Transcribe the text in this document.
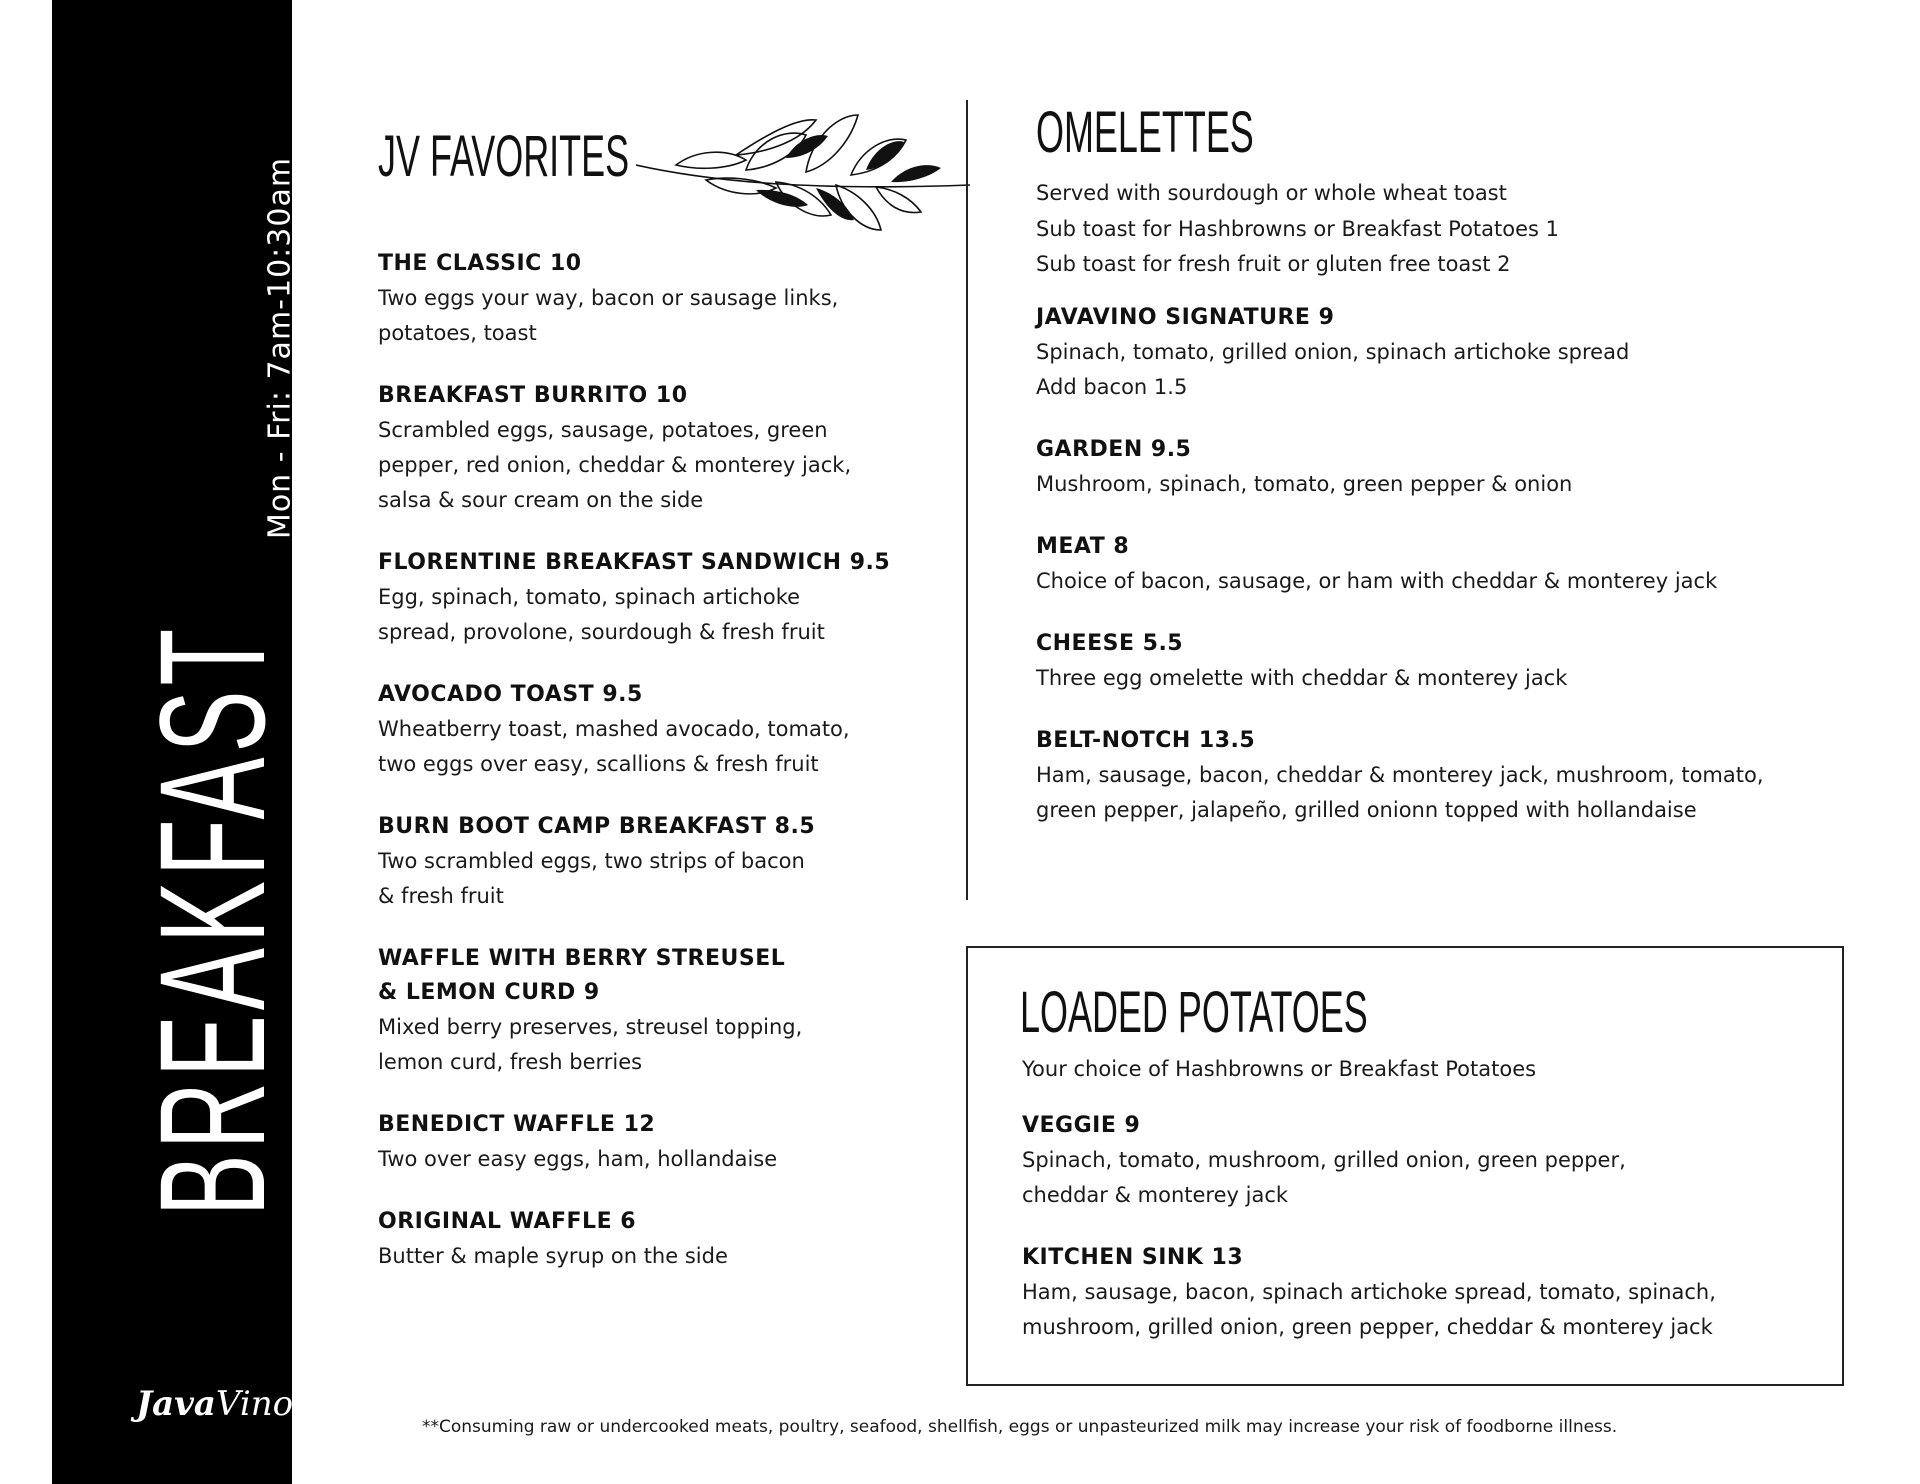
BREAKFAST
Mon - Fri: 7am-10:30am
JavaVino
JV FAVORITES
THE CLASSIC 10
Two eggs your way, bacon or sausage links,
potatoes, toast
BREAKFAST BURRITO 10
Scrambled eggs, sausage, potatoes, green
pepper, red onion, cheddar & monterey jack,
salsa & sour cream on the side
FLORENTINE BREAKFAST SANDWICH 9.5
Egg, spinach, tomato, spinach artichoke
spread, provolone, sourdough & fresh fruit
AVOCADO TOAST 9.5
Wheatberry toast, mashed avocado, tomato,
two eggs over easy, scallions & fresh fruit
BURN BOOT CAMP BREAKFAST 8.5
Two scrambled eggs, two strips of bacon
& fresh fruit
WAFFLE WITH BERRY STREUSEL
& LEMON CURD 9
Mixed berry preserves, streusel topping,
lemon curd, fresh berries
BENEDICT WAFFLE 12
Two over easy eggs, ham, hollandaise
ORIGINAL WAFFLE 6
Butter & maple syrup on the side
OMELETTES
Served with sourdough or whole wheat toast
Sub toast for Hashbrowns or Breakfast Potatoes 1
Sub toast for fresh fruit or gluten free toast 2
JAVAVINO SIGNATURE 9
Spinach, tomato, grilled onion, spinach artichoke spread
Add bacon 1.5
GARDEN 9.5
Mushroom, spinach, tomato, green pepper & onion
MEAT 8
Choice of bacon, sausage, or ham with cheddar & monterey jack
CHEESE 5.5
Three egg omelette with cheddar & monterey jack
BELT-NOTCH 13.5
Ham, sausage, bacon, cheddar & monterey jack, mushroom, tomato,
green pepper, jalapeño, grilled onionn topped with hollandaise
LOADED POTATOES
Your choice of Hashbrowns or Breakfast Potatoes
VEGGIE 9
Spinach, tomato, mushroom, grilled onion, green pepper,
cheddar & monterey jack
KITCHEN SINK 13
Ham, sausage, bacon, spinach artichoke spread, tomato, spinach,
mushroom, grilled onion, green pepper, cheddar & monterey jack
**Consuming raw or undercooked meats, poultry, seafood, shellfish, eggs or unpasteurized milk may increase your risk of foodborne illness.
